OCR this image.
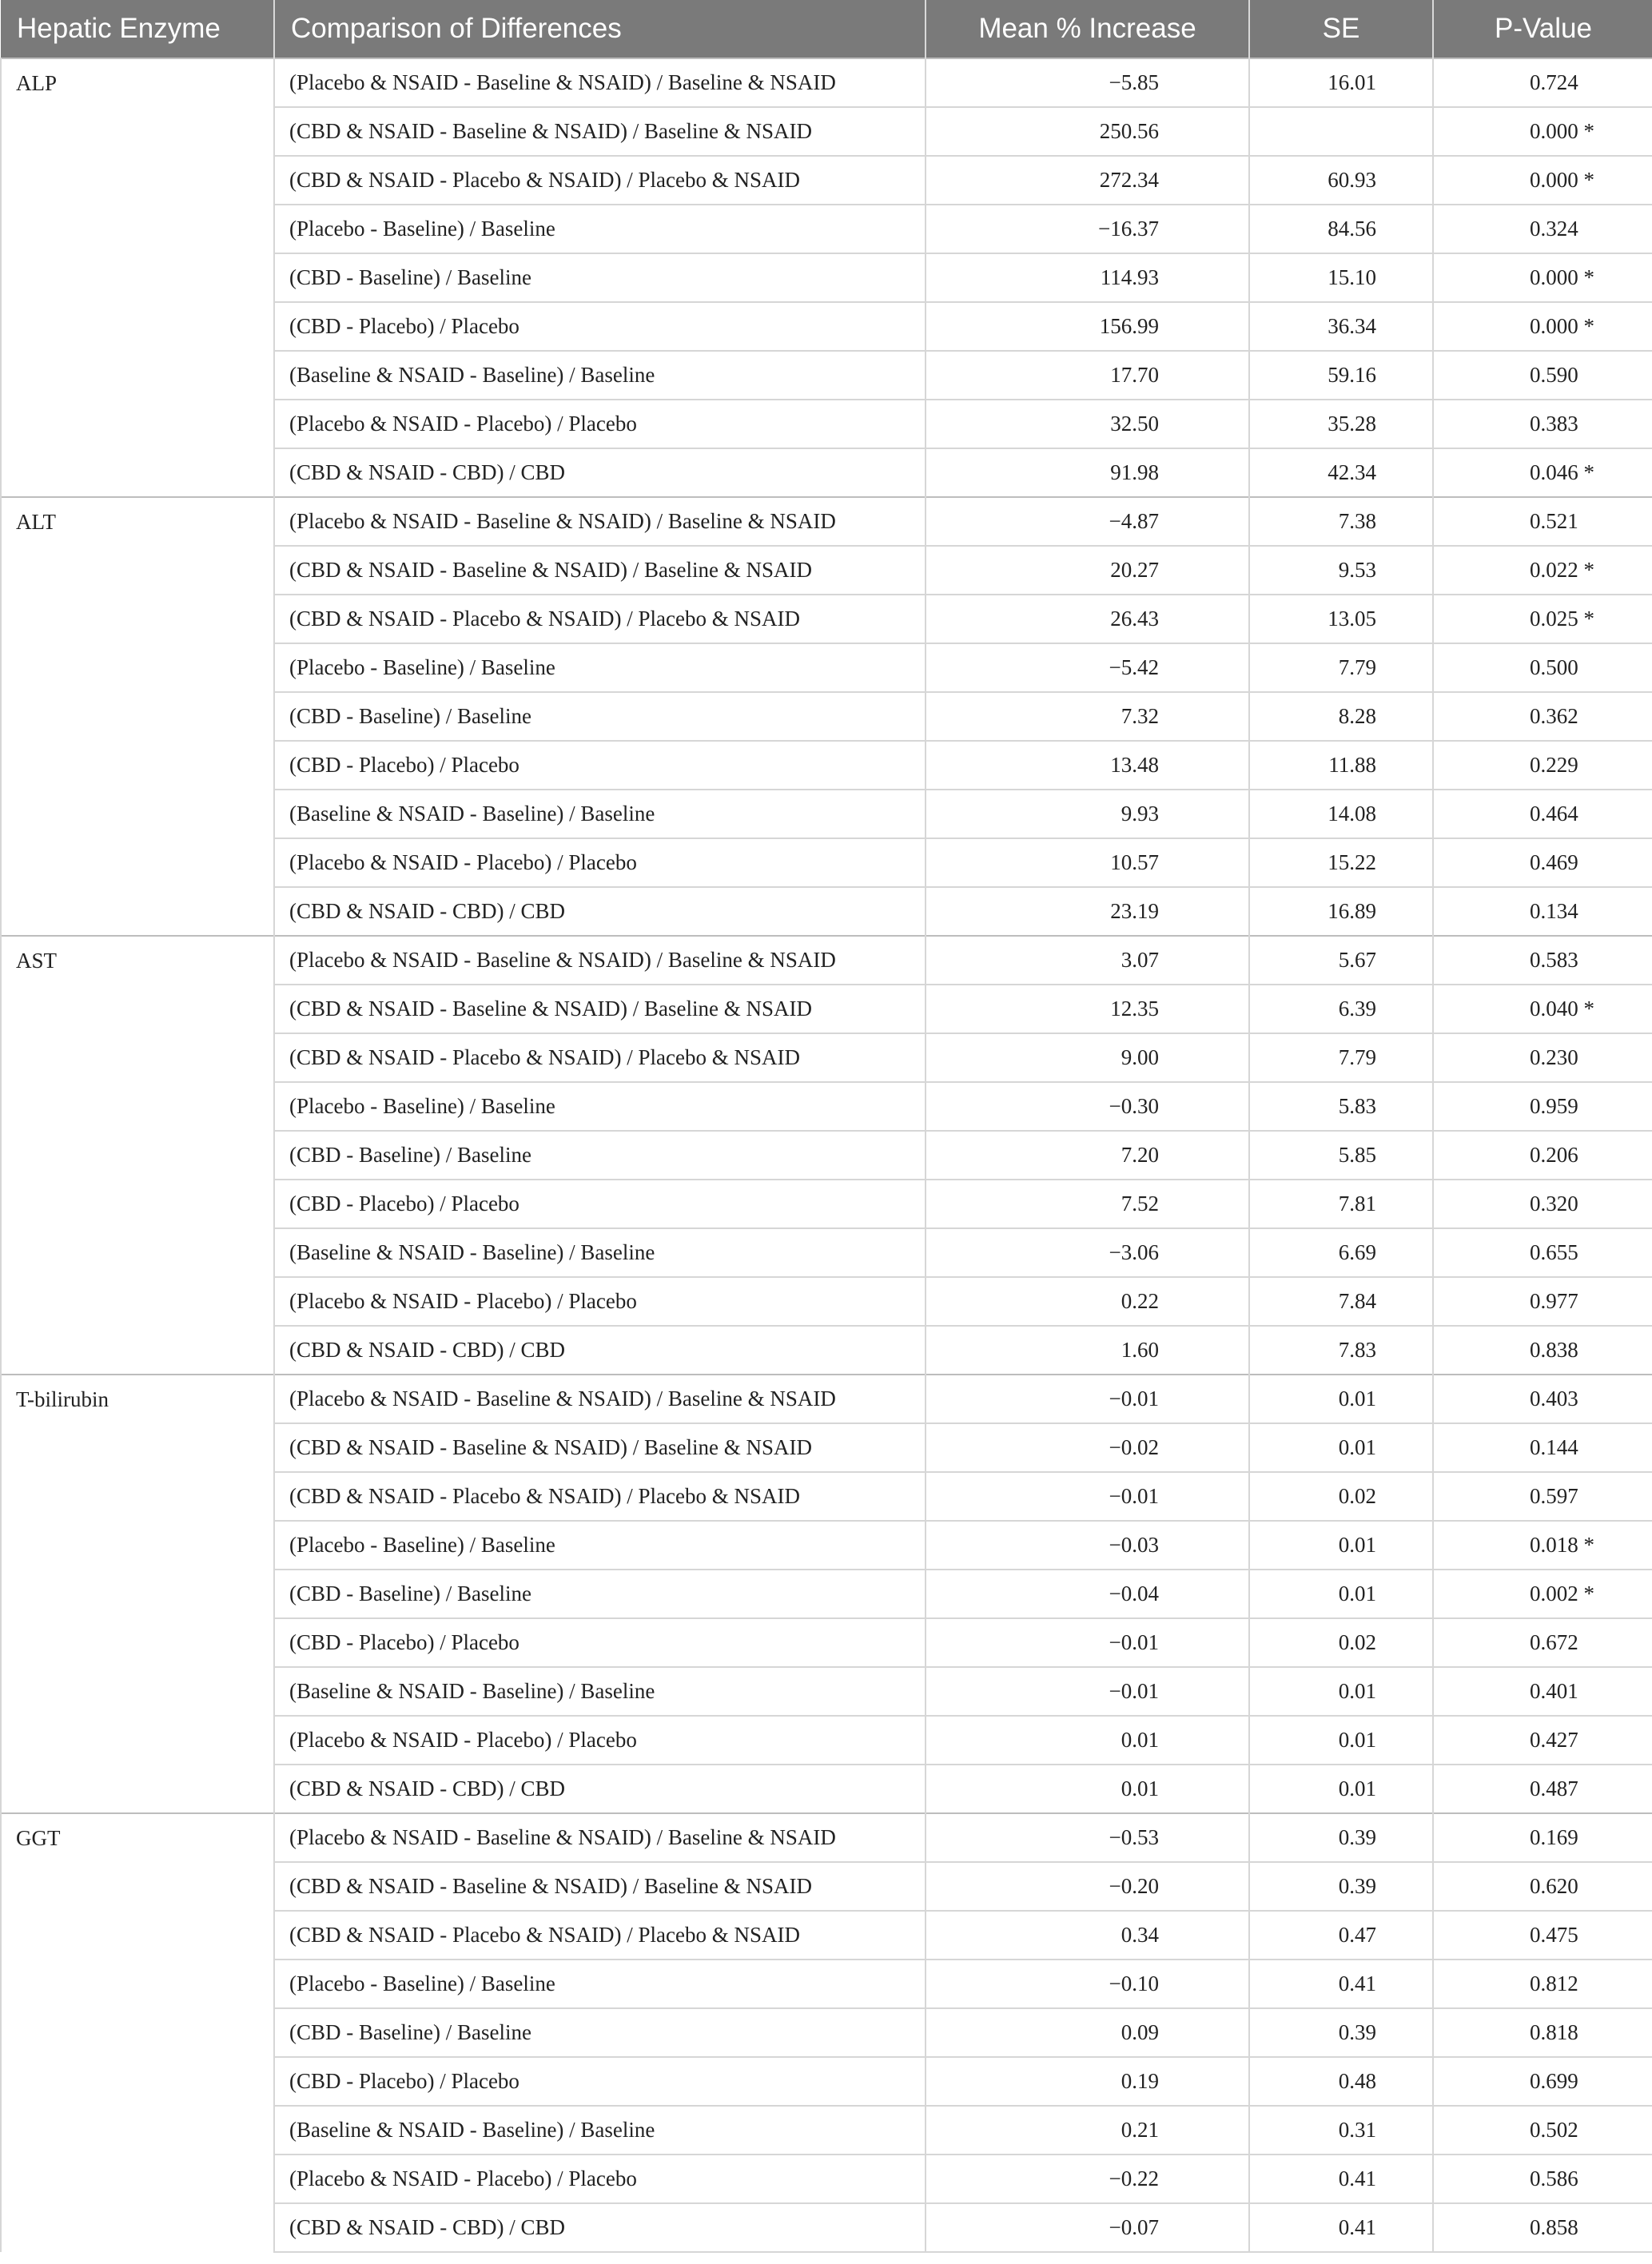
Hepatic Enzyme	Comparison of Differences	Mean % Increase	SE	P-Value
ALP	(Placebo & NSAID - Baseline & NSAID) / Baseline & NSAID	−5.85	16.01	0.724
	(CBD & NSAID - Baseline & NSAID) / Baseline & NSAID	250.56		0.000 *
	(CBD & NSAID - Placebo & NSAID) / Placebo & NSAID	272.34	60.93	0.000 *
	(Placebo - Baseline) / Baseline	−16.37	84.56	0.324
	(CBD - Baseline) / Baseline	114.93	15.10	0.000 *
	(CBD - Placebo) / Placebo	156.99	36.34	0.000 *
	(Baseline & NSAID - Baseline) / Baseline	17.70	59.16	0.590
	(Placebo & NSAID - Placebo) / Placebo	32.50	35.28	0.383
	(CBD & NSAID - CBD) / CBD	91.98	42.34	0.046 *
ALT	(Placebo & NSAID - Baseline & NSAID) / Baseline & NSAID	−4.87	7.38	0.521
	(CBD & NSAID - Baseline & NSAID) / Baseline & NSAID	20.27	9.53	0.022 *
	(CBD & NSAID - Placebo & NSAID) / Placebo & NSAID	26.43	13.05	0.025 *
	(Placebo - Baseline) / Baseline	−5.42	7.79	0.500
	(CBD - Baseline) / Baseline	7.32	8.28	0.362
	(CBD - Placebo) / Placebo	13.48	11.88	0.229
	(Baseline & NSAID - Baseline) / Baseline	9.93	14.08	0.464
	(Placebo & NSAID - Placebo) / Placebo	10.57	15.22	0.469
	(CBD & NSAID - CBD) / CBD	23.19	16.89	0.134
AST	(Placebo & NSAID - Baseline & NSAID) / Baseline & NSAID	3.07	5.67	0.583
	(CBD & NSAID - Baseline & NSAID) / Baseline & NSAID	12.35	6.39	0.040 *
	(CBD & NSAID - Placebo & NSAID) / Placebo & NSAID	9.00	7.79	0.230
	(Placebo - Baseline) / Baseline	−0.30	5.83	0.959
	(CBD - Baseline) / Baseline	7.20	5.85	0.206
	(CBD - Placebo) / Placebo	7.52	7.81	0.320
	(Baseline & NSAID - Baseline) / Baseline	−3.06	6.69	0.655
	(Placebo & NSAID - Placebo) / Placebo	0.22	7.84	0.977
	(CBD & NSAID - CBD) / CBD	1.60	7.83	0.838
T-bilirubin	(Placebo & NSAID - Baseline & NSAID) / Baseline & NSAID	−0.01	0.01	0.403
	(CBD & NSAID - Baseline & NSAID) / Baseline & NSAID	−0.02	0.01	0.144
	(CBD & NSAID - Placebo & NSAID) / Placebo & NSAID	−0.01	0.02	0.597
	(Placebo - Baseline) / Baseline	−0.03	0.01	0.018 *
	(CBD - Baseline) / Baseline	−0.04	0.01	0.002 *
	(CBD - Placebo) / Placebo	−0.01	0.02	0.672
	(Baseline & NSAID - Baseline) / Baseline	−0.01	0.01	0.401
	(Placebo & NSAID - Placebo) / Placebo	0.01	0.01	0.427
	(CBD & NSAID - CBD) / CBD	0.01	0.01	0.487
GGT	(Placebo & NSAID - Baseline & NSAID) / Baseline & NSAID	−0.53	0.39	0.169
	(CBD & NSAID - Baseline & NSAID) / Baseline & NSAID	−0.20	0.39	0.620
	(CBD & NSAID - Placebo & NSAID) / Placebo & NSAID	0.34	0.47	0.475
	(Placebo - Baseline) / Baseline	−0.10	0.41	0.812
	(CBD - Baseline) / Baseline	0.09	0.39	0.818
	(CBD - Placebo) / Placebo	0.19	0.48	0.699
	(Baseline & NSAID - Baseline) / Baseline	0.21	0.31	0.502
	(Placebo & NSAID - Placebo) / Placebo	−0.22	0.41	0.586
	(CBD & NSAID - CBD) / CBD	−0.07	0.41	0.858
